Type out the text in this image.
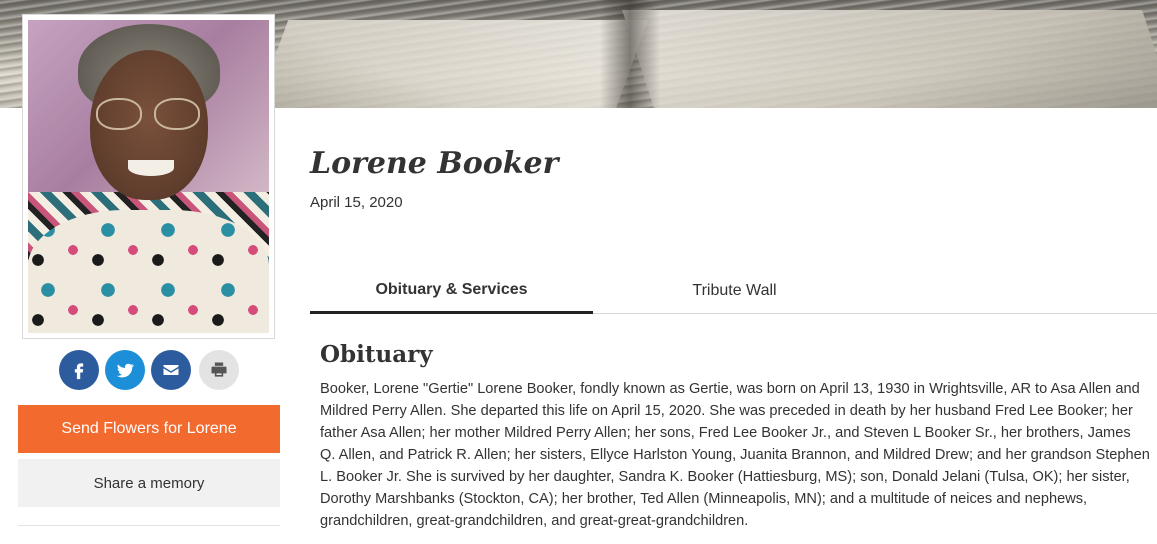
Send Flowers for Lorene
Share a memory
Lorene Booker
April 15, 2020
Obituary & Services	Tribute Wall
Obituary

Booker, Lorene "Gertie" Lorene Booker, fondly known as Gertie, was born on April 13, 1930 in Wrightsville, AR to Asa Allen and Mildred Perry Allen. She departed this life on April 15, 2020. She was preceded in death by her husband Fred Lee Booker; her father Asa Allen; her mother Mildred Perry Allen; her sons, Fred Lee Booker Jr., and Steven L Booker Sr., her brothers, James Q. Allen, and Patrick R. Allen; her sisters, Ellyce Harlston Young, Juanita Brannon, and Mildred Drew; and her grandson Stephen L. Booker Jr. She is survived by her daughter, Sandra K. Booker (Hattiesburg, MS); son, Donald Jelani (Tulsa, OK); her sister, Dorothy Marshbanks (Stockton, CA); her brother, Ted Allen (Minneapolis, MN); and a multitude of neices and nephews, grandchildren, great-grandchildren, and great-great-grandchildren.
